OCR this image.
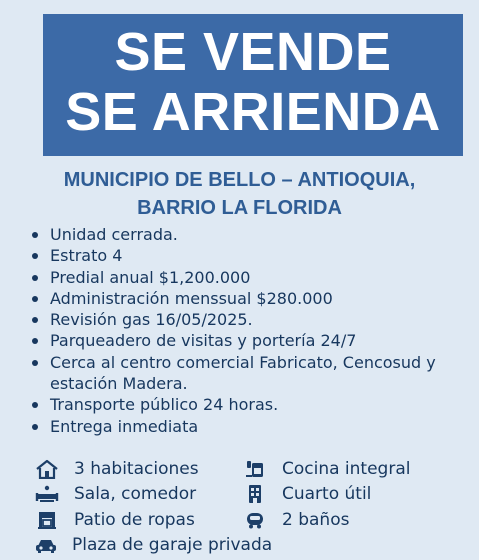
SE VENDE
SE ARRIENDA
MUNICIPIO DE BELLO – ANTIOQUIA,
BARRIO LA FLORIDA
Unidad cerrada.
Estrato 4
Predial anual $1,200.000
Administración menssual $280.000
Revisión gas 16/05/2025.
Parqueadero de visitas y portería 24/7
Cerca al centro comercial Fabricato, Cencosud y estación Madera.
Transporte público 24 horas.
Entrega inmediata
3 habitaciones	Cocina integral
Sala, comedor	Cuarto útil
Patio de ropas	2 baños
Plaza de garaje privada
